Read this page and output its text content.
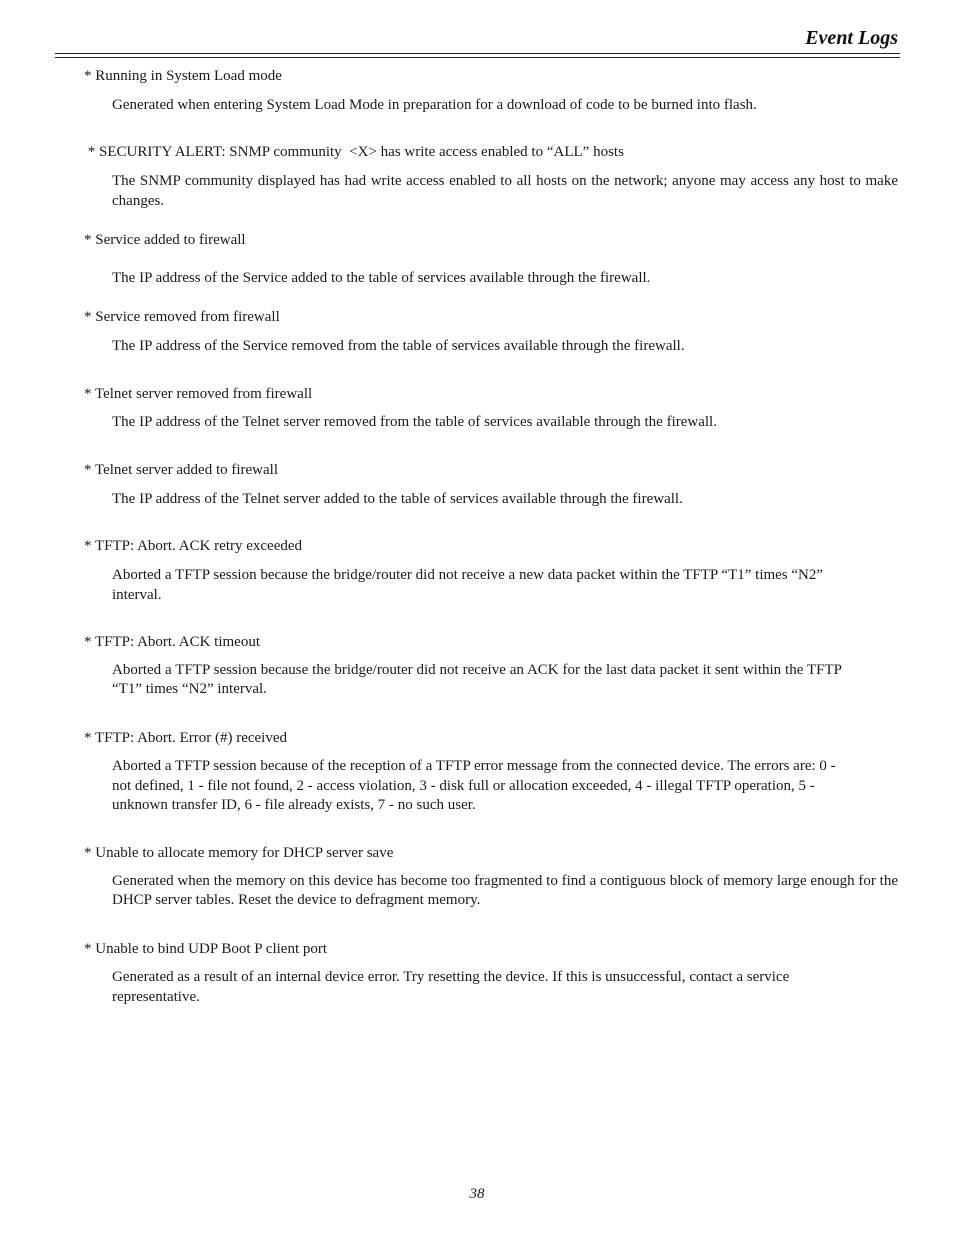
Event Logs
* Running in System Load mode
Generated when entering System Load Mode in preparation for a download of code to be burned into flash.
* SECURITY ALERT: SNMP community  <X> has write access enabled to “ALL” hosts
The SNMP community displayed has had write access enabled to all hosts on the network; anyone may access any host to make changes.
* Service added to firewall
The IP address of the Service added to the table of services available through the firewall.
* Service removed from firewall
The IP address of the Service removed from the table of services available through the firewall.
* Telnet server removed from firewall
The IP address of the Telnet server removed from the table of services available through the firewall.
* Telnet server added to firewall
The IP address of the Telnet server added to the table of services available through the firewall.
* TFTP: Abort. ACK retry exceeded
Aborted a TFTP session because the bridge/router did not receive a new data packet within the TFTP “T1” times “N2” interval.
* TFTP: Abort. ACK timeout
Aborted a TFTP session because the bridge/router did not receive an ACK for the last data packet it sent within the TFTP “T1” times “N2” interval.
* TFTP: Abort. Error (#) received
Aborted a TFTP session because of the reception of a TFTP error message from the connected device. The errors are: 0 - not defined, 1 - file not found, 2 - access violation, 3 - disk full or allocation exceeded, 4 - illegal TFTP operation, 5 - unknown transfer ID, 6 - file already exists, 7 - no such user.
* Unable to allocate memory for DHCP server save
Generated when the memory on this device has become too fragmented to find a contiguous block of memory large enough for the DHCP server tables. Reset the device to defragment memory.
* Unable to bind UDP Boot P client port
Generated as a result of an internal device error. Try resetting the device. If this is unsuccessful, contact a service representative.
38
